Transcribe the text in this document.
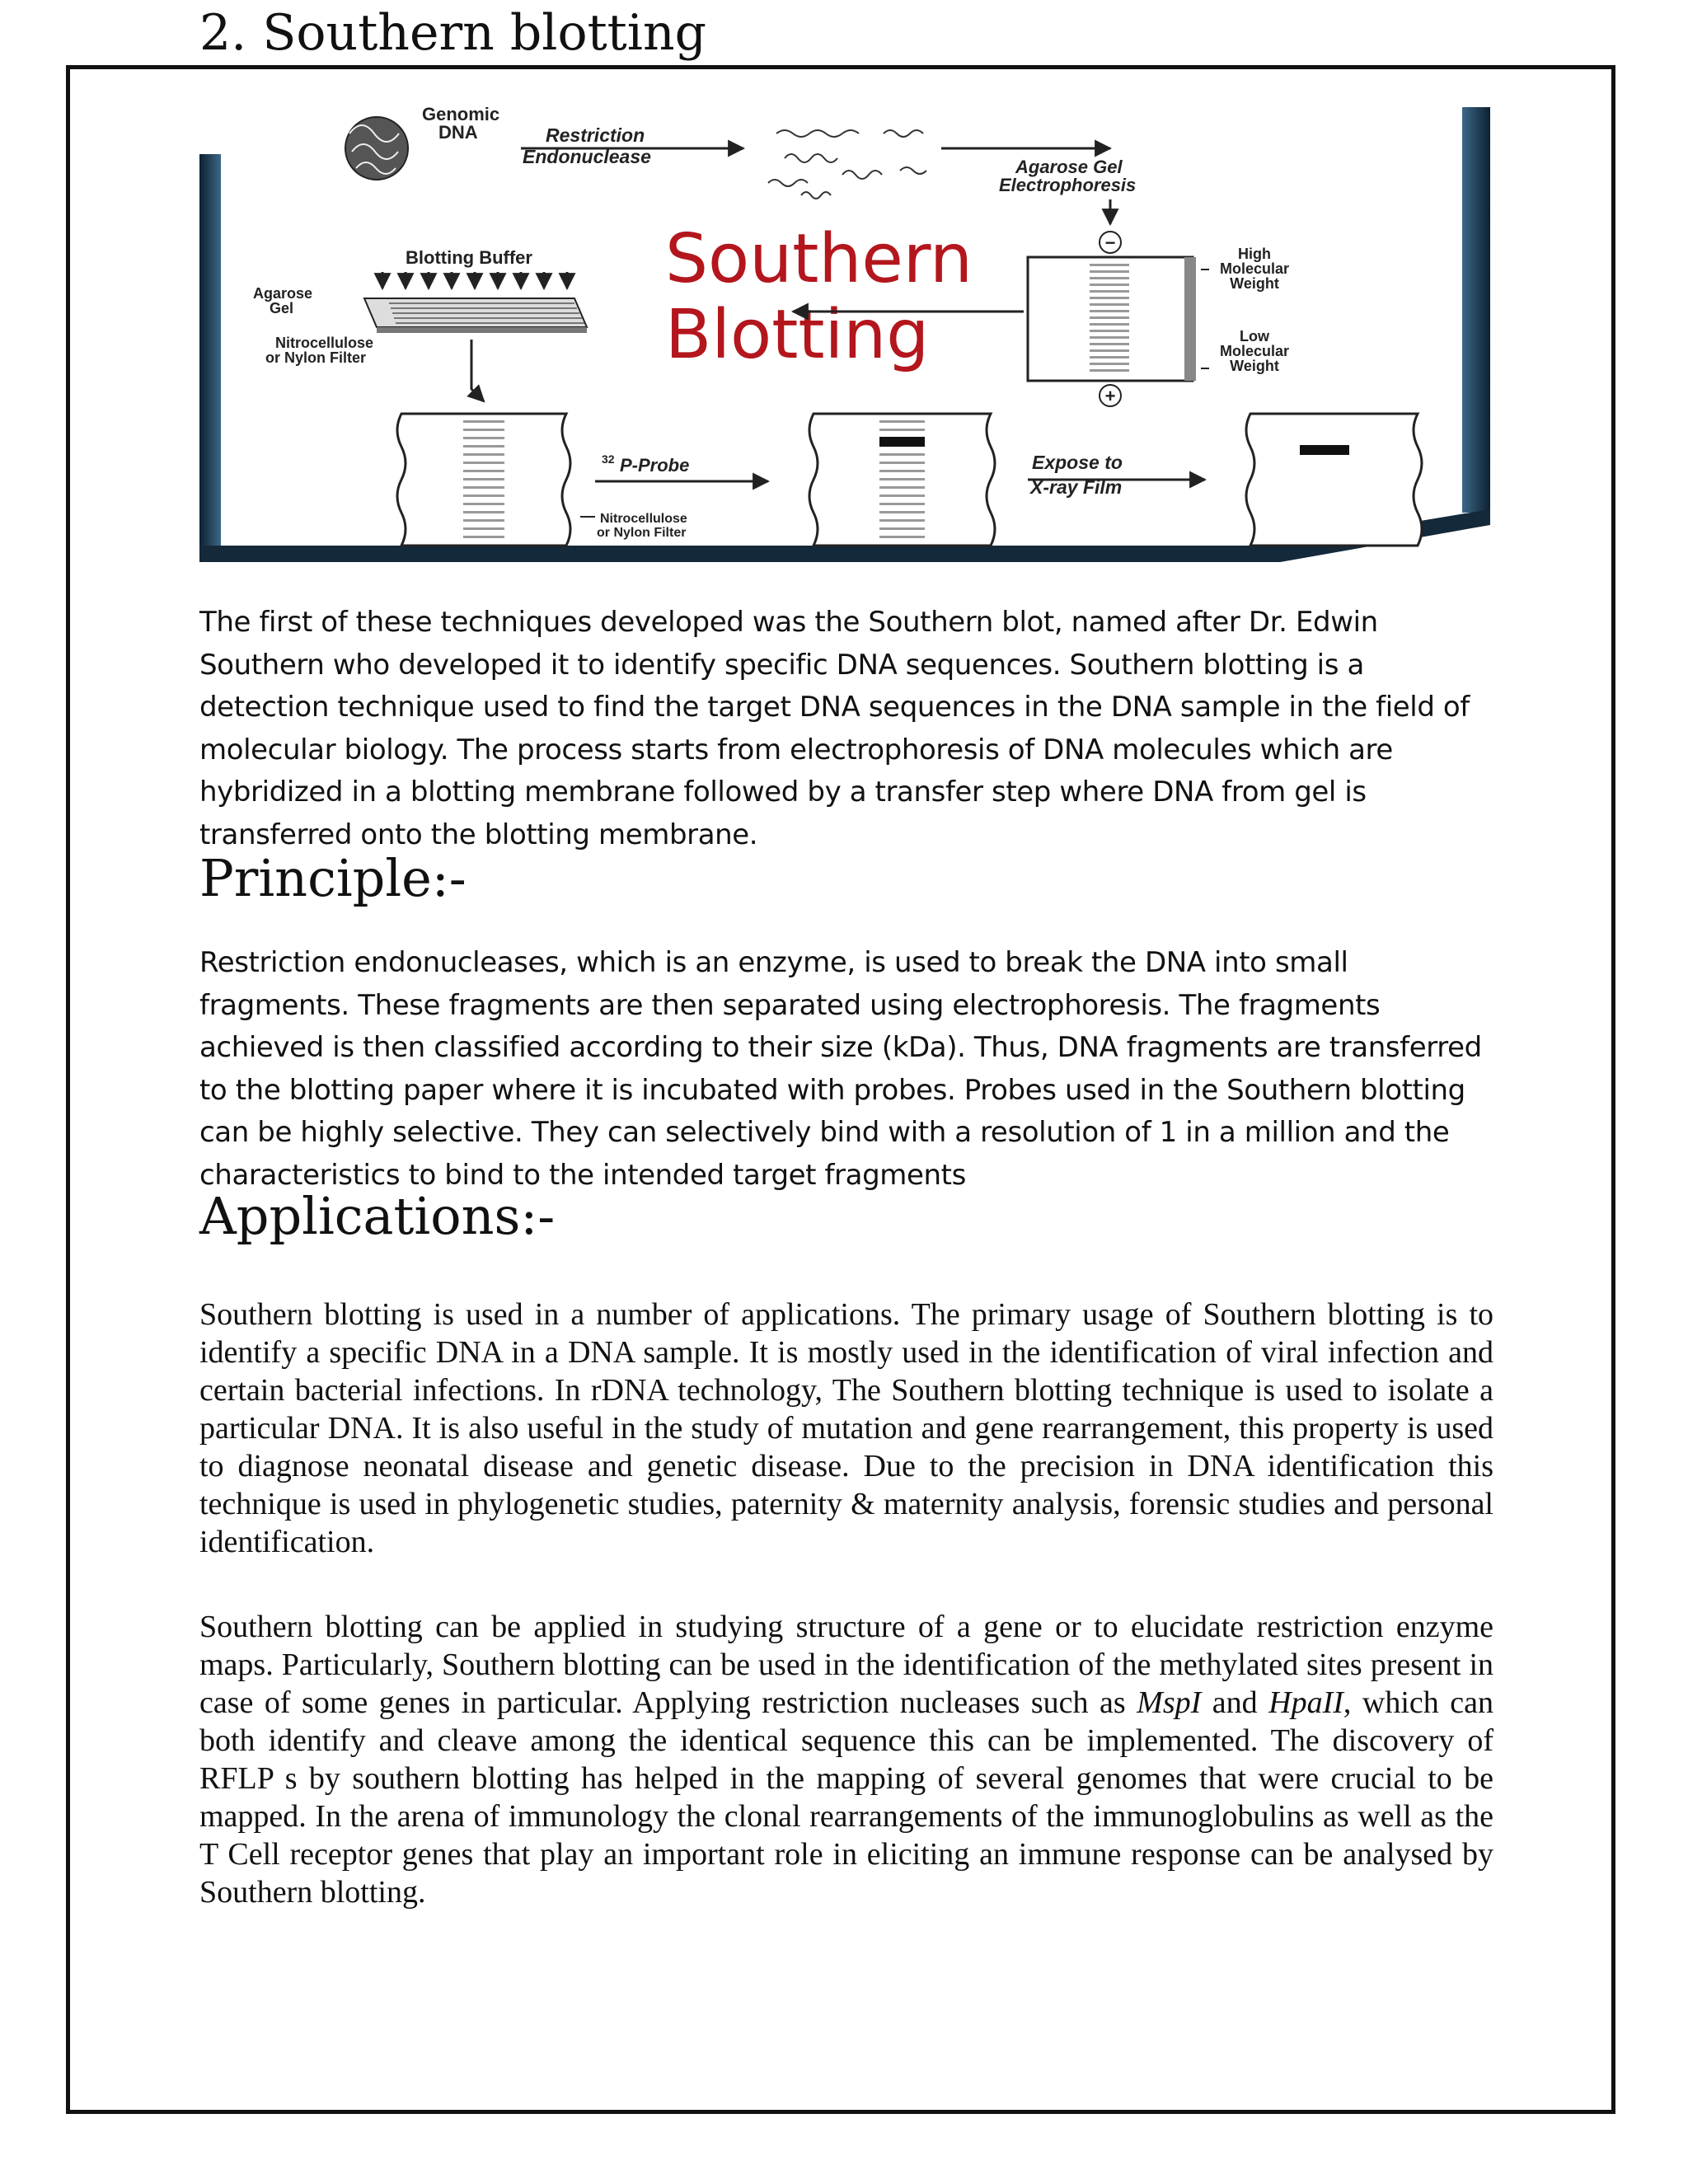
2. Southern blotting
Genomic
DNA	Restriction
Endonuclease	Agarose Gel
Electrophoresis
−
+
High
Molecular
Weight
Low
Molecular
Weight
Southern
Blotting
Blotting Buffer
Agarose
Gel
Nitrocellulose
or Nylon Filter
32 P-Probe
Nitrocellulose
or Nylon Filter
Expose to
X-ray Film

The first of these techniques developed was the Southern blot, named after Dr. Edwin Southern who developed it to identify specific DNA sequences. Southern blotting is a detection technique used to find the target DNA sequences in the DNA sample in the field of molecular biology. The process starts from electrophoresis of DNA molecules which are hybridized in a blotting membrane followed by a transfer step where DNA from gel is transferred onto the blotting membrane.

Principle:-

Restriction endonucleases, which is an enzyme, is used to break the DNA into small fragments. These fragments are then separated using electrophoresis. The fragments achieved is then classified according to their size (kDa). Thus, DNA fragments are transferred to the blotting paper where it is incubated with probes. Probes used in the Southern blotting can be highly selective. They can selectively bind with a resolution of 1 in a million and the characteristics to bind to the intended target fragments

Applications:-

Southern blotting is used in a number of applications. The primary usage of Southern blotting is to identify a specific DNA in a DNA sample. It is mostly used in the identification of viral infection and certain bacterial infections. In rDNA technology, The Southern blotting technique is used to isolate a particular DNA. It is also useful in the study of mutation and gene rearrangement, this property is used to diagnose neonatal disease and genetic disease. Due to the precision in DNA identification this technique is used in phylogenetic studies, paternity & maternity analysis, forensic studies and personal identification.

Southern blotting can be applied in studying structure of a gene or to elucidate restriction enzyme maps. Particularly, Southern blotting can be used in the identification of the methylated sites present in case of some genes in particular. Applying restriction nucleases such as MspI and HpaII, which can both identify and cleave among the identical sequence this can be implemented. The discovery of RFLP s by southern blotting has helped in the mapping of several genomes that were crucial to be mapped. In the arena of immunology the clonal rearrangements of the immunoglobulins as well as the T Cell receptor genes that play an important role in eliciting an immune response can be analysed by Southern blotting.
